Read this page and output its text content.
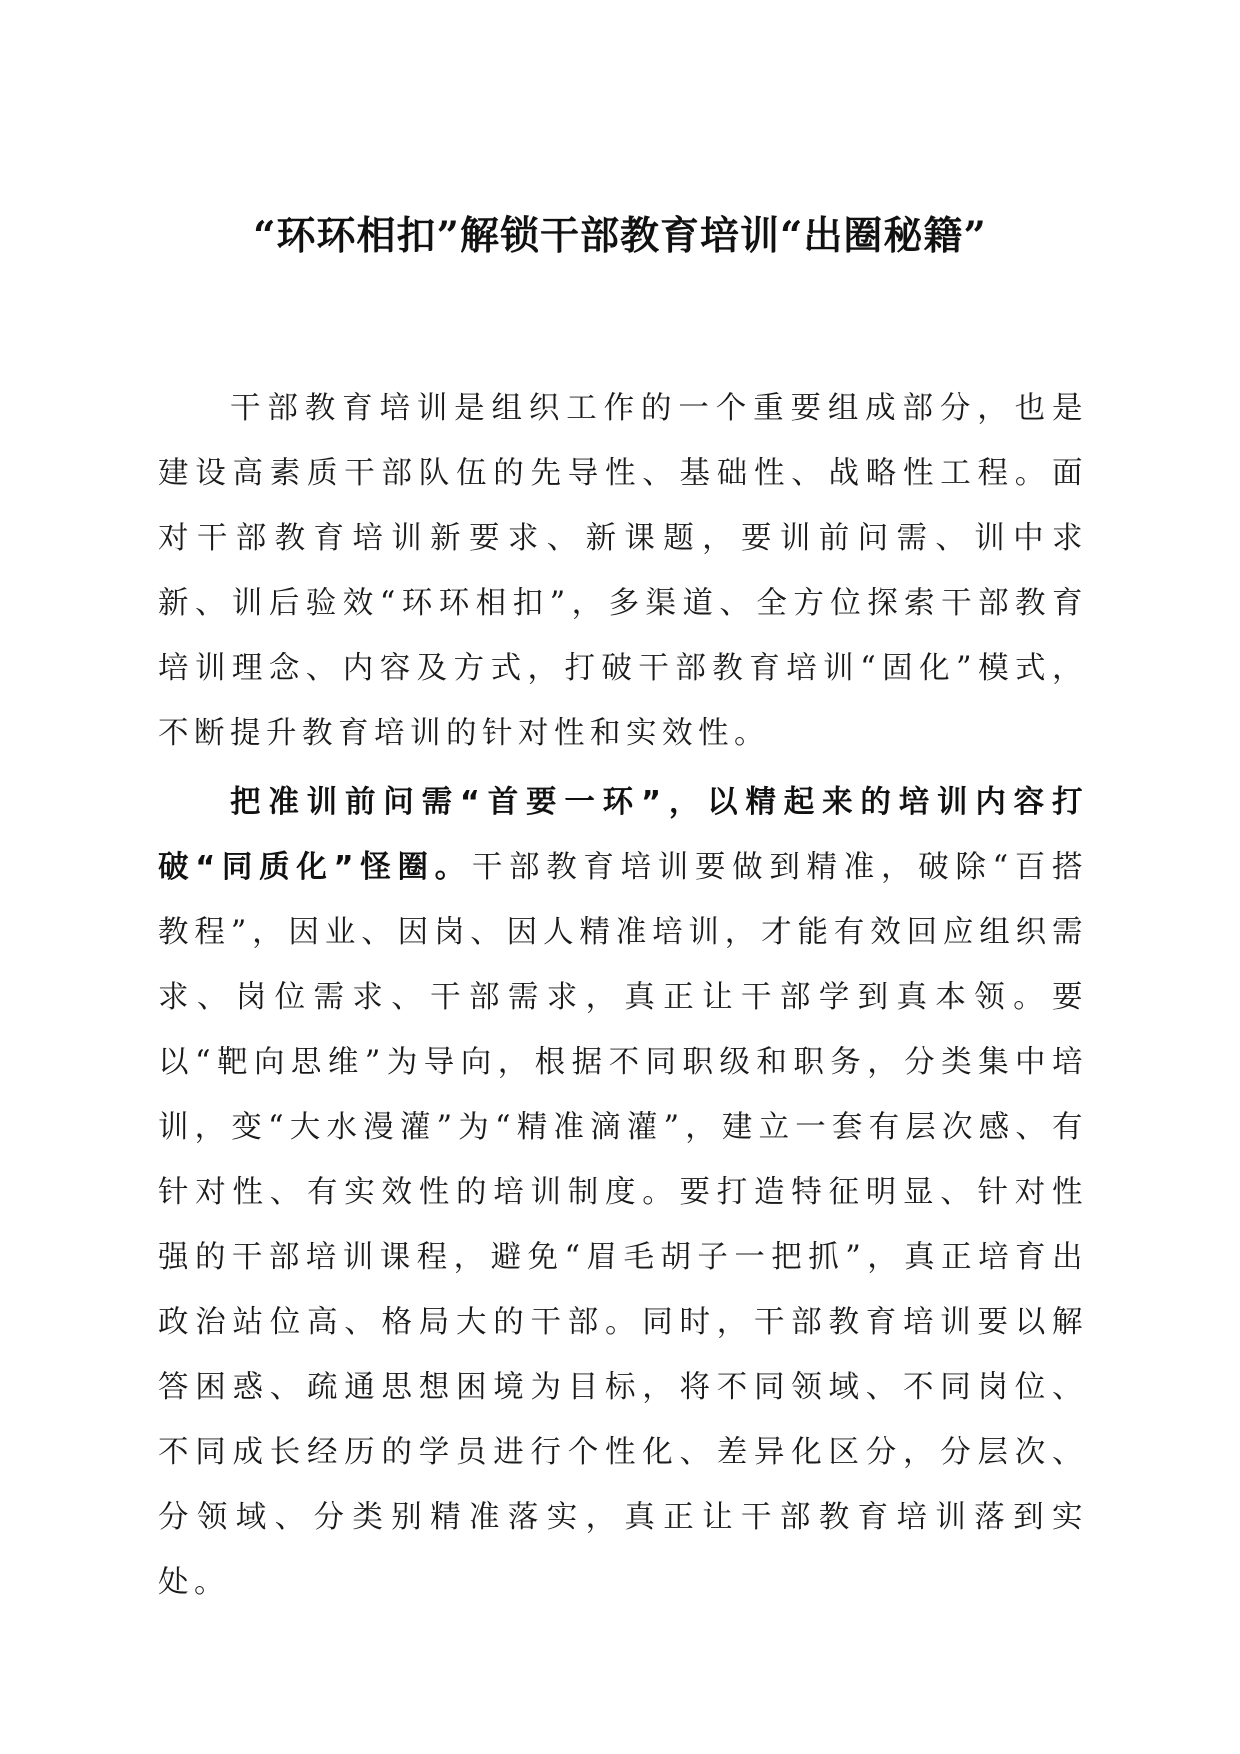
“环环相扣”解锁干部教育培训“出圈秘籍”

干部教育培训是组织工作的一个重要组成部分，也是建设高素质干部队伍的先导性、基础性、战略性工程。面对干部教育培训新要求、新课题，要训前问需、训中求新、训后验效“环环相扣”，多渠道、全方位探索干部教育培训理念、内容及方式，打破干部教育培训“固化”模式，不断提升教育培训的针对性和实效性。

把准训前问需“首要一环”，以精起来的培训内容打破“同质化”怪圈。干部教育培训要做到精准，破除“百搭教程”，因业、因岗、因人精准培训，才能有效回应组织需求、岗位需求、干部需求，真正让干部学到真本领。要以“靶向思维”为导向，根据不同职级和职务，分类集中培训，变“大水漫灌”为“精准滴灌”，建立一套有层次感、有针对性、有实效性的培训制度。要打造特征明显、针对性强的干部培训课程，避免“眉毛胡子一把抓”，真正培育出政治站位高、格局大的干部。同时，干部教育培训要以解答困惑、疏通思想困境为目标，将不同领域、不同岗位、不同成长经历的学员进行个性化、差异化区分，分层次、分领域、分类别精准落实，真正让干部教育培训落到实处。
